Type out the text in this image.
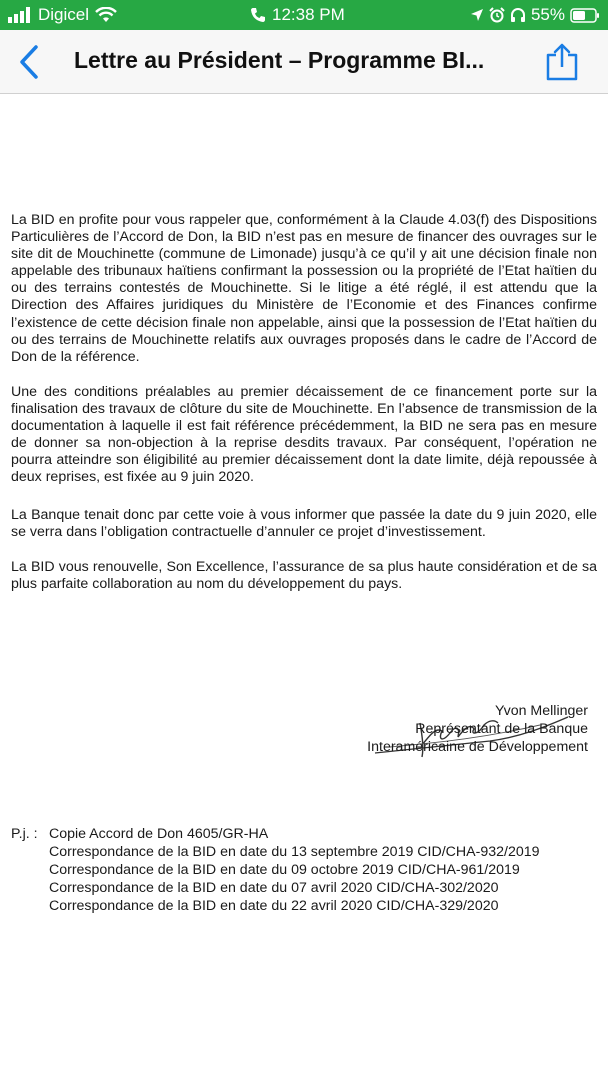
Digicel	12:38 PM	55%
Lettre au Président – Programme BI...

La BID en profite pour vous rappeler que, conformément à la Claude 4.03(f) des Dispositions Particulières de l’Accord de Don, la BID n’est pas en mesure de financer des ouvrages sur le site dit de Mouchinette (commune de Limonade) jusqu’à ce qu’il y ait une décision finale non appelable des tribunaux haïtiens confirmant la possession ou la propriété de l’Etat haïtien du ou des terrains contestés de Mouchinette. Si le litige a été réglé, il est attendu que la Direction des Affaires juridiques du Ministère de l’Economie et des Finances confirme l’existence de cette décision finale non appelable, ainsi que la possession de l’Etat haïtien du ou des terrains de Mouchinette relatifs aux ouvrages proposés dans le cadre de l’Accord de Don de la référence.

Une des conditions préalables au premier décaissement de ce financement porte sur la finalisation des travaux de clôture du site de Mouchinette. En l’absence de transmission de la documentation à laquelle il est fait référence précédemment, la BID ne sera pas en mesure de donner sa non-objection à la reprise desdits travaux. Par conséquent, l’opération ne pourra atteindre son éligibilité au premier décaissement dont la date limite, déjà repoussée à deux reprises, est fixée au 9 juin 2020.

La Banque tenait donc par cette voie à vous informer que passée la date du 9 juin 2020, elle se verra dans l’obligation contractuelle d’annuler ce projet d’investissement.

La BID vous renouvelle, Son Excellence, l’assurance de sa plus haute considération et de sa plus parfaite collaboration au nom du développement du pays.

Yvon Mellinger
Représentant de la Banque
Interaméricaine de Développement
P.j. : Copie Accord de Don 4605/GR-HA
Correspondance de la BID en date du 13 septembre 2019 CID/CHA-932/2019
Correspondance de la BID en date du 09 octobre 2019 CID/CHA-961/2019
Correspondance de la BID en date du 07 avril 2020 CID/CHA-302/2020
Correspondance de la BID en date du 22 avril 2020 CID/CHA-329/2020
